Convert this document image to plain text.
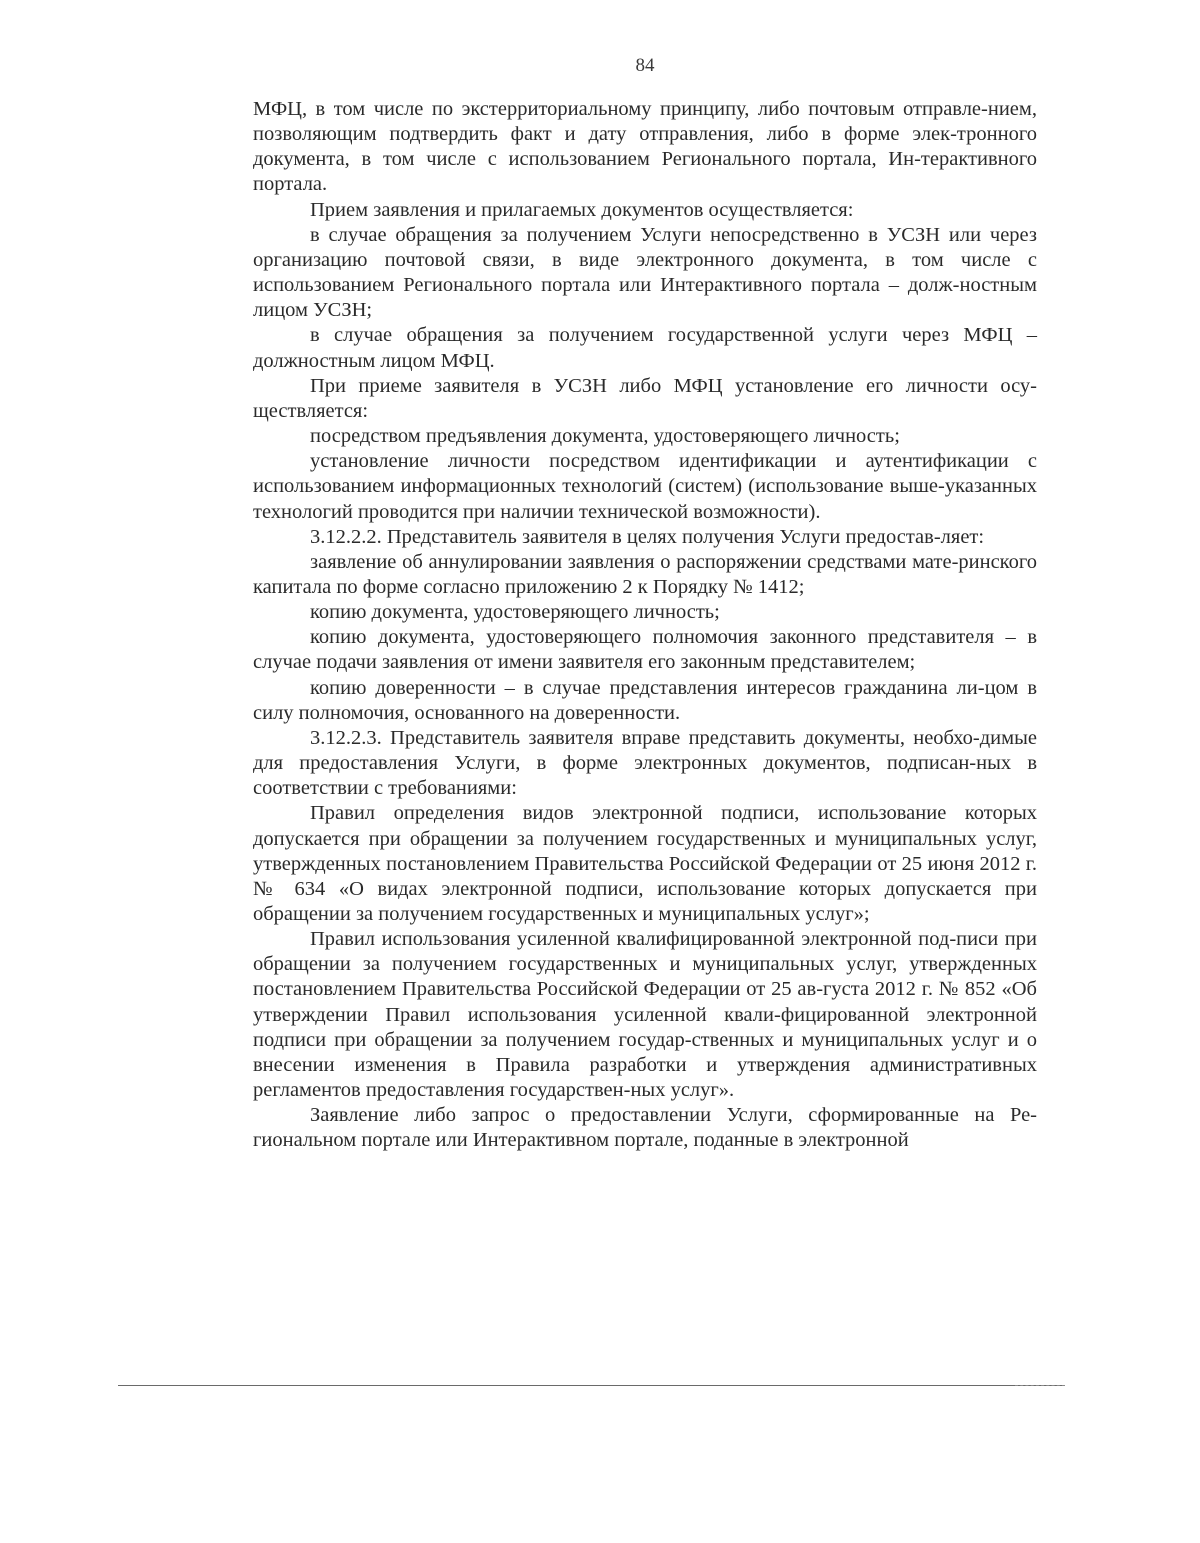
84

МФЦ, в том числе по экстерриториальному принципу, либо почтовым отправле-нием, позволяющим подтвердить факт и дату отправления, либо в форме элек-тронного документа, в том числе с использованием Регионального портала, Ин-терактивного портала.

Прием заявления и прилагаемых документов осуществляется:

в случае обращения за получением Услуги непосредственно в УСЗН или через организацию почтовой связи, в виде электронного документа, в том числе с использованием Регионального портала или Интерактивного портала – долж-ностным лицом УСЗН;

в случае обращения за получением государственной услуги через МФЦ – должностным лицом МФЦ.

При приеме заявителя в УСЗН либо МФЦ установление его личности осу-ществляется:

посредством предъявления документа, удостоверяющего личность;

установление личности посредством идентификации и аутентификации с использованием информационных технологий (систем) (использование выше-указанных технологий проводится при наличии технической возможности).

3.12.2.2. Представитель заявителя в целях получения Услуги предостав-ляет:

заявление об аннулировании заявления о распоряжении средствами мате-ринского капитала по форме согласно приложению 2 к Порядку № 1412;

копию документа, удостоверяющего личность;

копию документа, удостоверяющего полномочия законного представителя – в случае подачи заявления от имени заявителя его законным представителем;

копию доверенности – в случае представления интересов гражданина ли-цом в силу полномочия, основанного на доверенности.

3.12.2.3. Представитель заявителя вправе представить документы, необхо-димые для предоставления Услуги, в форме электронных документов, подписан-ных в соответствии с требованиями:

Правил определения видов электронной подписи, использование которых допускается при обращении за получением государственных и муниципальных услуг, утвержденных постановлением Правительства Российской Федерации от 25 июня 2012 г. № 634 «О видах электронной подписи, использование которых допускается при обращении за получением государственных и муниципальных услуг»;

Правил использования усиленной квалифицированной электронной под-писи при обращении за получением государственных и муниципальных услуг, утвержденных постановлением Правительства Российской Федерации от 25 ав-густа 2012 г. № 852 «Об утверждении Правил использования усиленной квали-фицированной электронной подписи при обращении за получением государ-ственных и муниципальных услуг и о внесении изменения в Правила разработки и утверждения административных регламентов предоставления государствен-ных услуг».

Заявление либо запрос о предоставлении Услуги, сформированные на Ре-гиональном портале или Интерактивном портале, поданные в электронной
